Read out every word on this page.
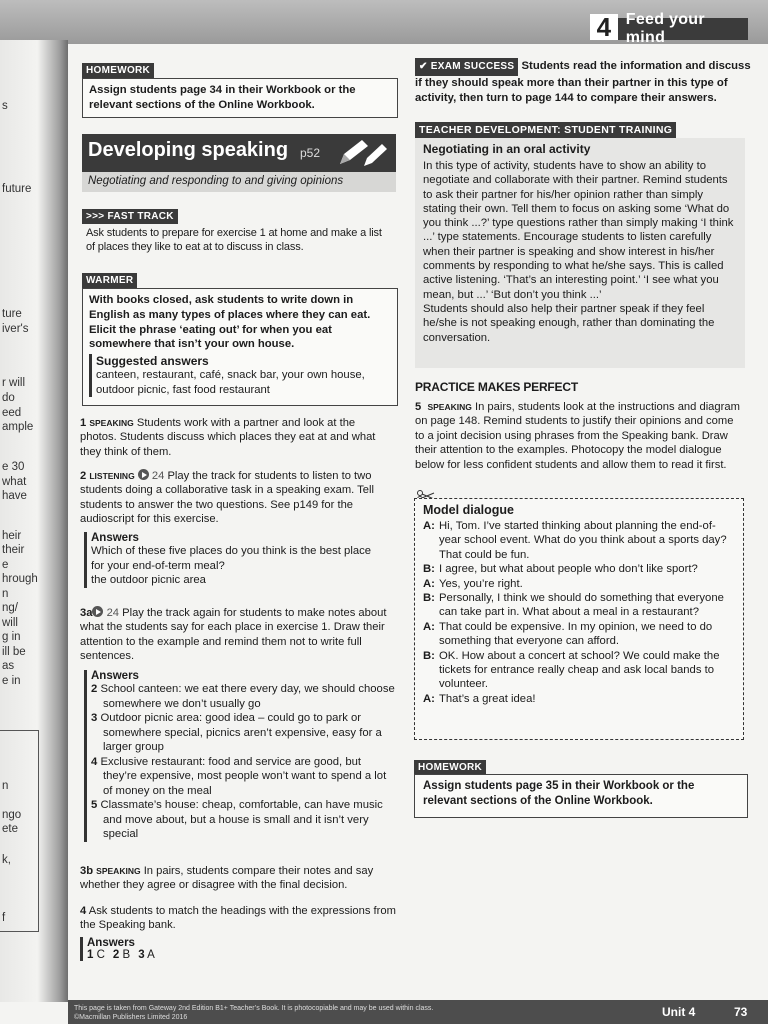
4 Feed your mind
s
future
ture
iver's
r will
do
eed
ample
e 30
what
have
heir
their
e
hrough
n
ng/
will
g in
ill be
as
e in
n
ngo
ete
k,
f
HOMEWORK
Assign students page 34 in their Workbook or the relevant sections of the Online Workbook.
Developing speaking p52
Negotiating and responding to and giving opinions
>>> FAST TRACK
Ask students to prepare for exercise 1 at home and make a list of places they like to eat at to discuss in class.
WARMER
With books closed, ask students to write down in English as many types of places where they can eat. Elicit the phrase ‘eating out’ for when you eat somewhere that isn’t your own house.
Suggested answers
canteen, restaurant, café, snack bar, your own house, outdoor picnic, fast food restaurant
1 SPEAKING Students work with a partner and look at the photos. Students discuss which places they eat at and what they think of them.
2 LISTENING 24 Play the track for students to listen to two students doing a collaborative task in a speaking exam. Tell students to answer the two questions. See p149 for the audioscript for this exercise.
Answers
Which of these five places do you think is the best place
for your end-of-term meal?
the outdoor picnic area
3a 24 Play the track again for students to make notes about what the students say for each place in exercise 1. Draw their attention to the example and remind them not to write full sentences.
Answers
2 School canteen: we eat there every day, we should choose somewhere we don’t usually go
3 Outdoor picnic area: good idea – could go to park or somewhere special, picnics aren’t expensive, easy for a larger group
4 Exclusive restaurant: food and service are good, but they’re expensive, most people won’t want to spend a lot of money on the meal
5 Classmate’s house: cheap, comfortable, can have music and move about, but a house is small and it isn’t very special
3b SPEAKING In pairs, students compare their notes and say whether they agree or disagree with the final decision.
4 Ask students to match the headings with the expressions from the Speaking bank.
Answers
1 C 2 B 3 A
✔ EXAM SUCCESS Students read the information and discuss if they should speak more than their partner in this type of activity, then turn to page 144 to compare their answers.
TEACHER DEVELOPMENT: STUDENT TRAINING
Negotiating in an oral activity
In this type of activity, students have to show an ability to negotiate and collaborate with their partner. Remind students to ask their partner for his/her opinion rather than simply stating their own. Tell them to focus on asking some ‘What do you think ...?’ type questions rather than simply making ‘I think ...’ type statements. Encourage students to listen carefully when their partner is speaking and show interest in his/her comments by responding to what he/she says. This is called active listening. ‘That’s an interesting point.’ ‘I see what you mean, but ...’ ‘But don’t you think ...’
Students should also help their partner speak if they feel he/she is not speaking enough, rather than dominating the conversation.
PRACTICE MAKES PERFECT
5 SPEAKING In pairs, students look at the instructions and diagram on page 148. Remind students to justify their opinions and come to a joint decision using phrases from the Speaking bank. Draw their attention to the examples. Photocopy the model dialogue below for less confident students and allow them to read it first.
Model dialogue
A: Hi, Tom. I’ve started thinking about planning the end-of-year school event. What do you think about a sports day? That could be fun.
B: I agree, but what about people who don’t like sport?
A: Yes, you’re right.
B: Personally, I think we should do something that everyone can take part in. What about a meal in a restaurant?
A: That could be expensive. In my opinion, we need to do something that everyone can afford.
B: OK. How about a concert at school? We could make the tickets for entrance really cheap and ask local bands to volunteer.
A: That’s a great idea!
HOMEWORK
Assign students page 35 in their Workbook or the relevant sections of the Online Workbook.
This page is taken from Gateway 2nd Edition B1+ Teacher’s Book. It is photocopiable and may be used within class.
©Macmillan Publishers Limited 2016	Unit 4	73
